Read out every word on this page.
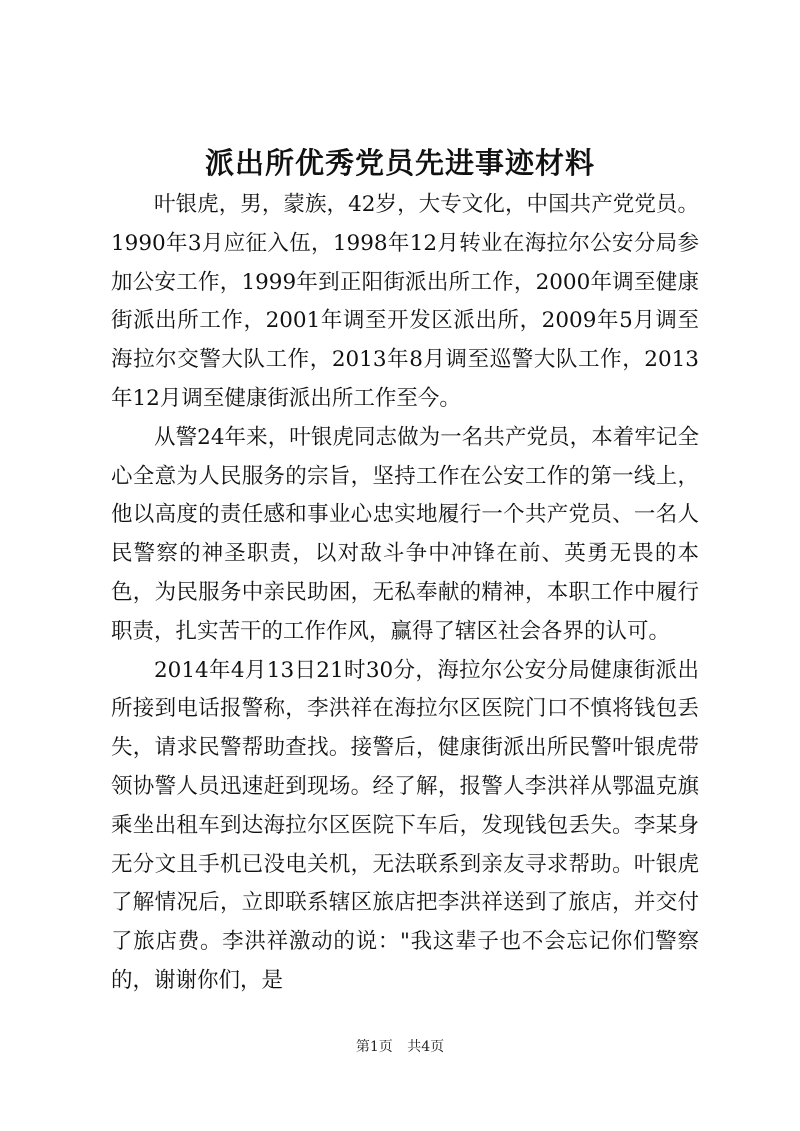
派出所优秀党员先进事迹材料

叶银虎，男，蒙族，42岁，大专文化，中国共产党党员。1990年3月应征入伍，1998年12月转业在海拉尔公安分局参加公安工作，1999年到正阳街派出所工作，2000年调至健康街派出所工作，2001年调至开发区派出所，2009年5月调至海拉尔交警大队工作，2013年8月调至巡警大队工作，2013年12月调至健康街派出所工作至今。

从警24年来，叶银虎同志做为一名共产党员，本着牢记全心全意为人民服务的宗旨，坚持工作在公安工作的第一线上，他以高度的责任感和事业心忠实地履行一个共产党员、一名人民警察的神圣职责，以对敌斗争中冲锋在前、英勇无畏的本色，为民服务中亲民助困，无私奉献的精神，本职工作中履行职责，扎实苦干的工作作风，赢得了辖区社会各界的认可。

2014年4月13日21时30分，海拉尔公安分局健康街派出所接到电话报警称，李洪祥在海拉尔区医院门口不慎将钱包丢失，请求民警帮助查找。接警后，健康街派出所民警叶银虎带领协警人员迅速赶到现场。经了解，报警人李洪祥从鄂温克旗乘坐出租车到达海拉尔区医院下车后，发现钱包丢失。李某身无分文且手机已没电关机，无法联系到亲友寻求帮助。叶银虎了解情况后，立即联系辖区旅店把李洪祥送到了旅店，并交付了旅店费。李洪祥激动的说："我这辈子也不会忘记你们警察的，谢谢你们，是

第1页 共4页
